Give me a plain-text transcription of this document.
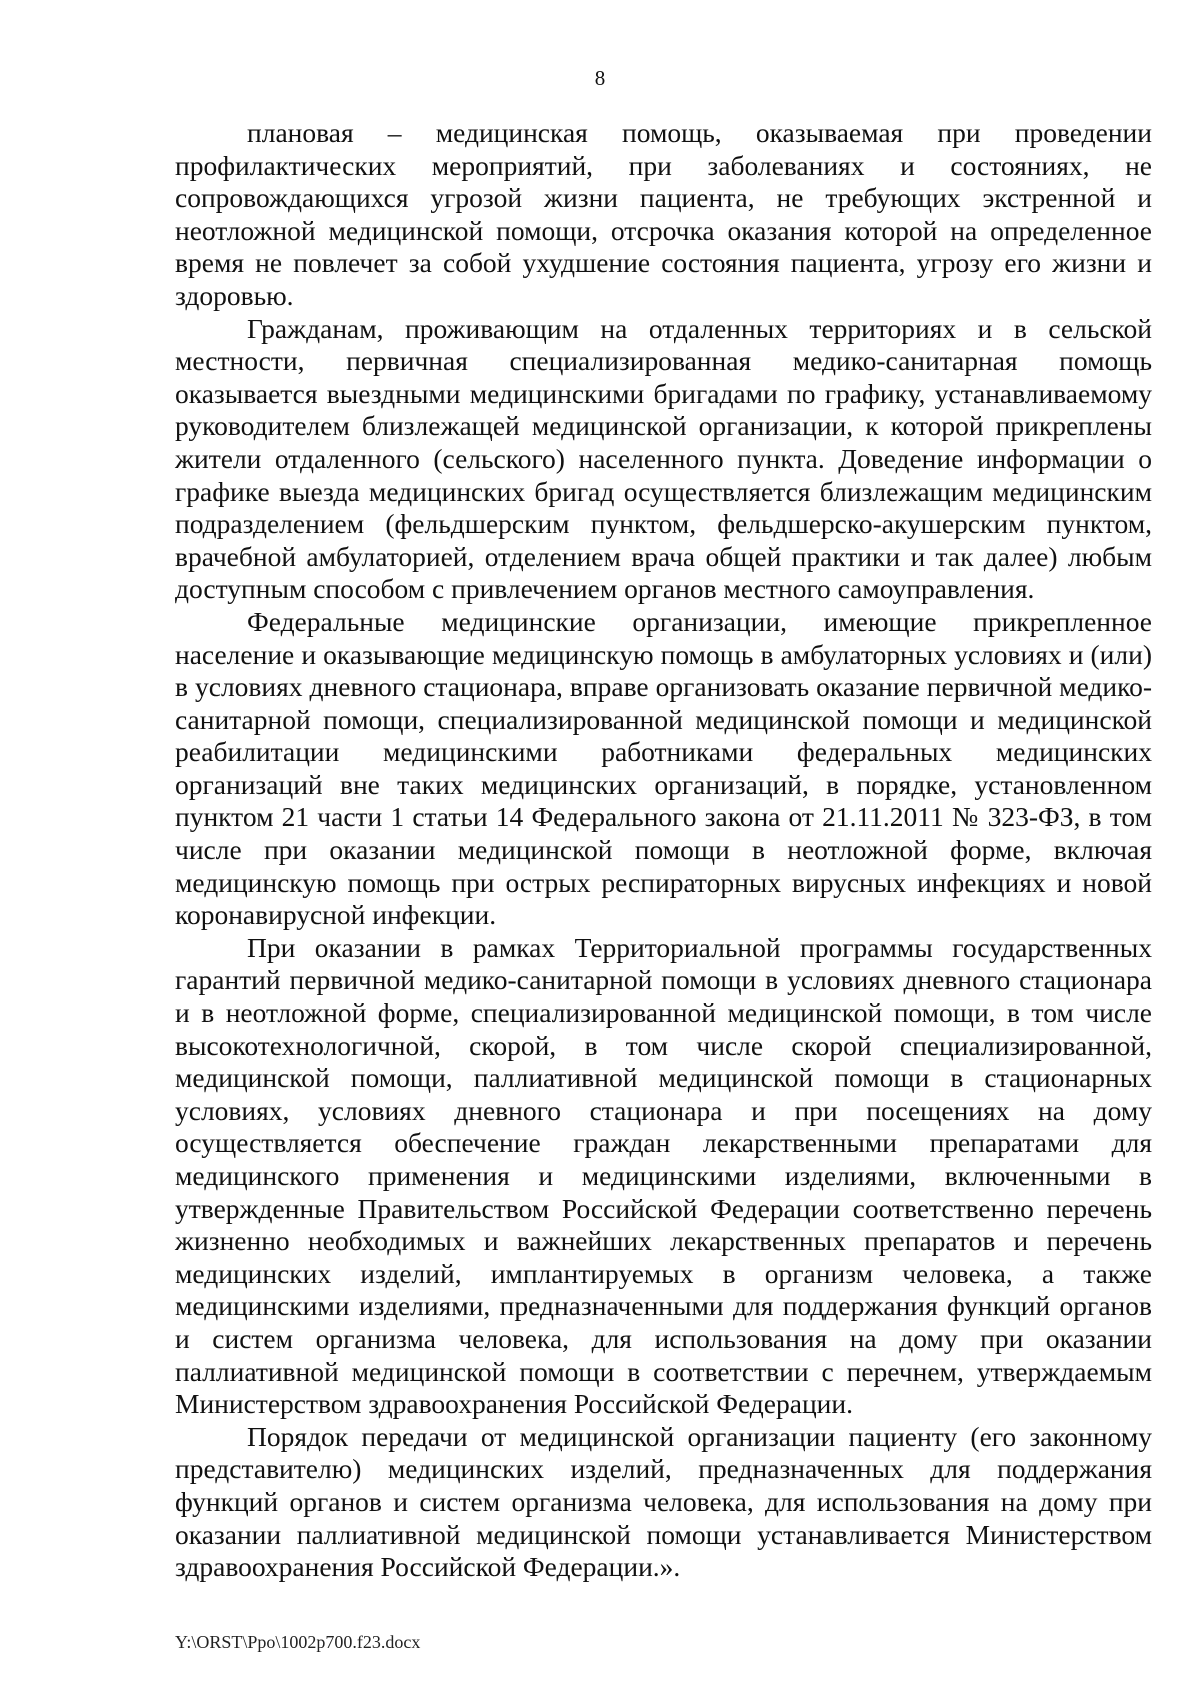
8

плановая – медицинская помощь, оказываемая при проведении профилактических мероприятий, при заболеваниях и состояниях, не сопровождающихся угрозой жизни пациента, не требующих экстренной и неотложной медицинской помощи, отсрочка оказания которой на определенное время не повлечет за собой ухудшение состояния пациента, угрозу его жизни и здоровью.

Гражданам, проживающим на отдаленных территориях и в сельской местности, первичная специализированная медико-санитарная помощь оказывается выездными медицинскими бригадами по графику, устанавливаемому руководителем близлежащей медицинской организации, к которой прикреплены жители отдаленного (сельского) населенного пункта. Доведение информации о графике выезда медицинских бригад осуществляется близлежащим медицинским подразделением (фельдшерским пунктом, фельдшерско-акушерским пунктом, врачебной амбулаторией, отделением врача общей практики и так далее) любым доступным способом с привлечением органов местного самоуправления.

Федеральные медицинские организации, имеющие прикрепленное население и оказывающие медицинскую помощь в амбулаторных условиях и (или) в условиях дневного стационара, вправе организовать оказание первичной медико-санитарной помощи, специализированной медицинской помощи и медицинской реабилитации медицинскими работниками федеральных медицинских организаций вне таких медицинских организаций, в порядке, установленном пунктом 21 части 1 статьи 14 Федерального закона от 21.11.2011 № 323-ФЗ, в том числе при оказании медицинской помощи в неотложной форме, включая медицинскую помощь при острых респираторных вирусных инфекциях и новой коронавирусной инфекции.

При оказании в рамках Территориальной программы государственных гарантий первичной медико-санитарной помощи в условиях дневного стационара и в неотложной форме, специализированной медицинской помощи, в том числе высокотехнологичной, скорой, в том числе скорой специализированной, медицинской помощи, паллиативной медицинской помощи в стационарных условиях, условиях дневного стационара и при посещениях на дому осуществляется обеспечение граждан лекарственными препаратами для медицинского применения и медицинскими изделиями, включенными в утвержденные Правительством Российской Федерации соответственно перечень жизненно необходимых и важнейших лекарственных препаратов и перечень медицинских изделий, имплантируемых в организм человека, а также медицинскими изделиями, предназначенными для поддержания функций органов и систем организма человека, для использования на дому при оказании паллиативной медицинской помощи в соответствии с перечнем, утверждаемым Министерством здравоохранения Российской Федерации.

Порядок передачи от медицинской организации пациенту (его законному представителю) медицинских изделий, предназначенных для поддержания функций органов и систем организма человека, для использования на дому при оказании паллиативной медицинской помощи устанавливается Министерством здравоохранения Российской Федерации.».

Y:\ORST\Ppo\1002p700.f23.docx
